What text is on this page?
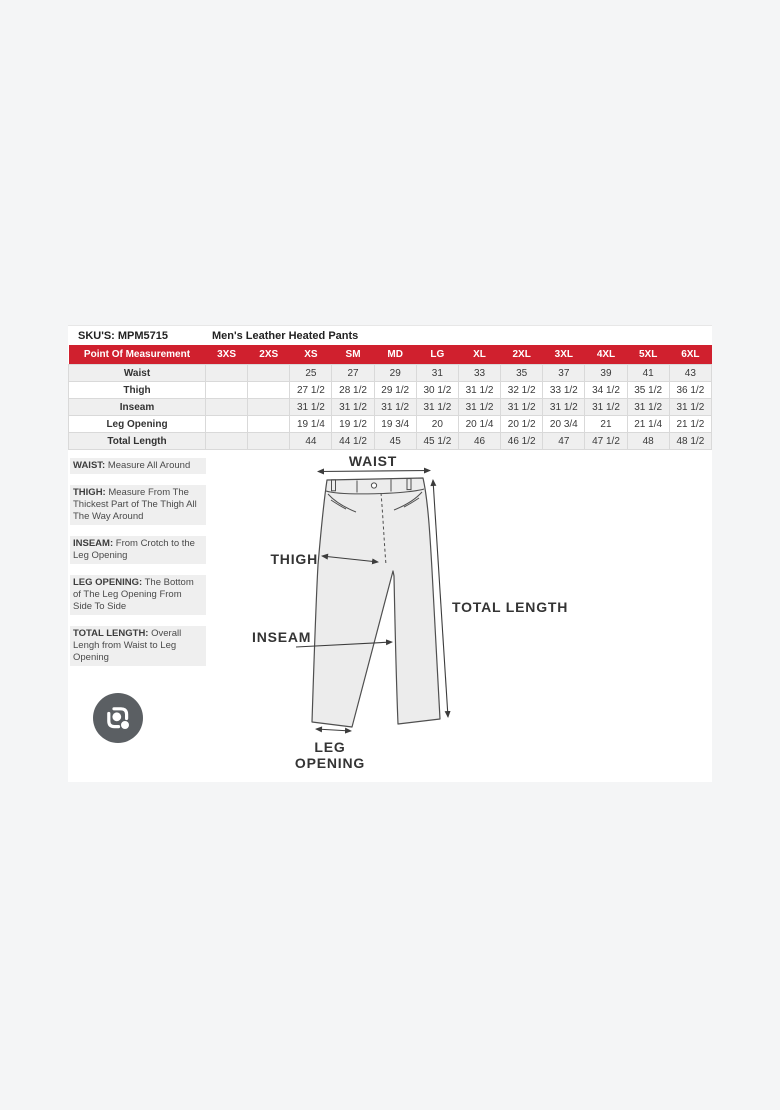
SKU'S: MPM5715	Men's Leather Heated Pants
Point Of Measurement	3XS	2XS	XS	SM	MD	LG	XL	2XL	3XL	4XL	5XL	6XL
Waist			25	27	29	31	33	35	37	39	41	43
Thigh			27 1/2	28 1/2	29 1/2	30 1/2	31 1/2	32 1/2	33 1/2	34 1/2	35 1/2	36 1/2
Inseam			31 1/2	31 1/2	31 1/2	31 1/2	31 1/2	31 1/2	31 1/2	31 1/2	31 1/2	31 1/2
Leg Opening			19 1/4	19 1/2	19 3/4	20	20 1/4	20 1/2	20 3/4	21	21 1/4	21 1/2
Total Length			44	44 1/2	45	45 1/2	46	46 1/2	47	47 1/2	48	48 1/2
WAIST: Measure All Around
THIGH: Measure From The Thickest Part of The Thigh All The Way Around
INSEAM: From Crotch to the Leg Opening
LEG OPENING: The Bottom of The Leg Opening From Side To Side
TOTAL LENGTH: Overall Lengh from Waist to Leg Opening
WAIST
THIGH
TOTAL LENGTH
INSEAM
LEG
OPENING
